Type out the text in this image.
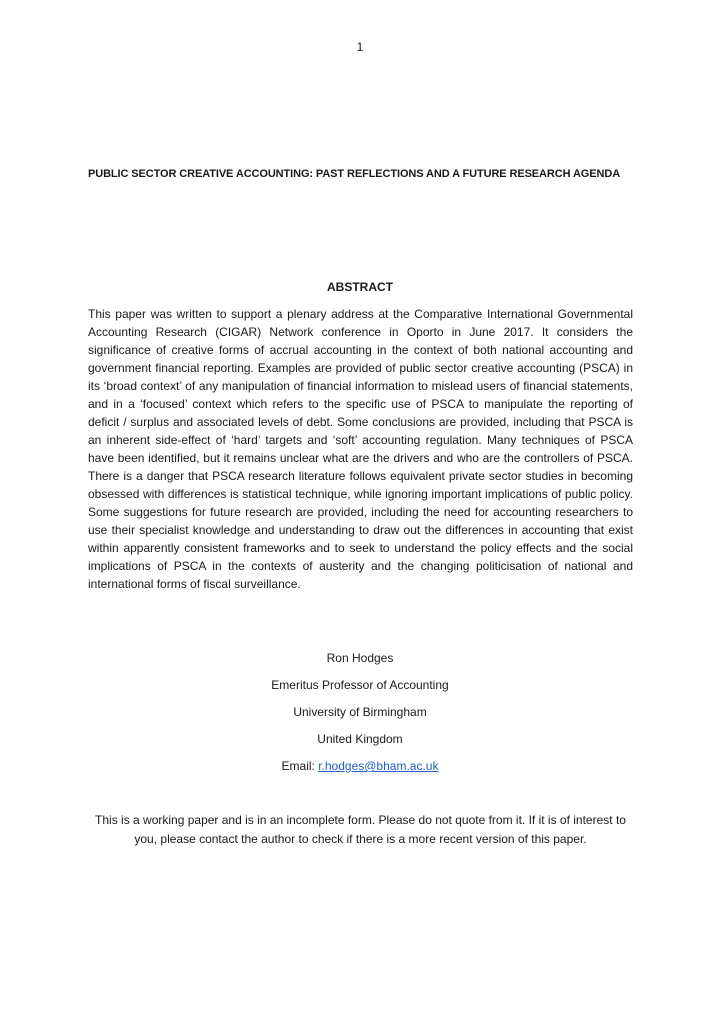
1
PUBLIC SECTOR CREATIVE ACCOUNTING: PAST REFLECTIONS AND A FUTURE RESEARCH AGENDA
ABSTRACT
This paper was written to support a plenary address at the Comparative International Governmental Accounting Research (CIGAR) Network conference in Oporto in June 2017. It considers the significance of creative forms of accrual accounting in the context of both national accounting and government financial reporting. Examples are provided of public sector creative accounting (PSCA) in its ‘broad context’ of any manipulation of financial information to mislead users of financial statements, and in a ‘focused’ context which refers to the specific use of PSCA to manipulate the reporting of deficit / surplus and associated levels of debt. Some conclusions are provided, including that PSCA is an inherent side-effect of ‘hard’ targets and ‘soft’ accounting regulation. Many techniques of PSCA have been identified, but it remains unclear what are the drivers and who are the controllers of PSCA. There is a danger that PSCA research literature follows equivalent private sector studies in becoming obsessed with differences is statistical technique, while ignoring important implications of public policy. Some suggestions for future research are provided, including the need for accounting researchers to use their specialist knowledge and understanding to draw out the differences in accounting that exist within apparently consistent frameworks and to seek to understand the policy effects and the social implications of PSCA in the contexts of austerity and the changing politicisation of national and international forms of fiscal surveillance.
Ron Hodges
Emeritus Professor of Accounting
University of Birmingham
United Kingdom
Email: r.hodges@bham.ac.uk
This is a working paper and is in an incomplete form. Please do not quote from it. If it is of interest to you, please contact the author to check if there is a more recent version of this paper.
